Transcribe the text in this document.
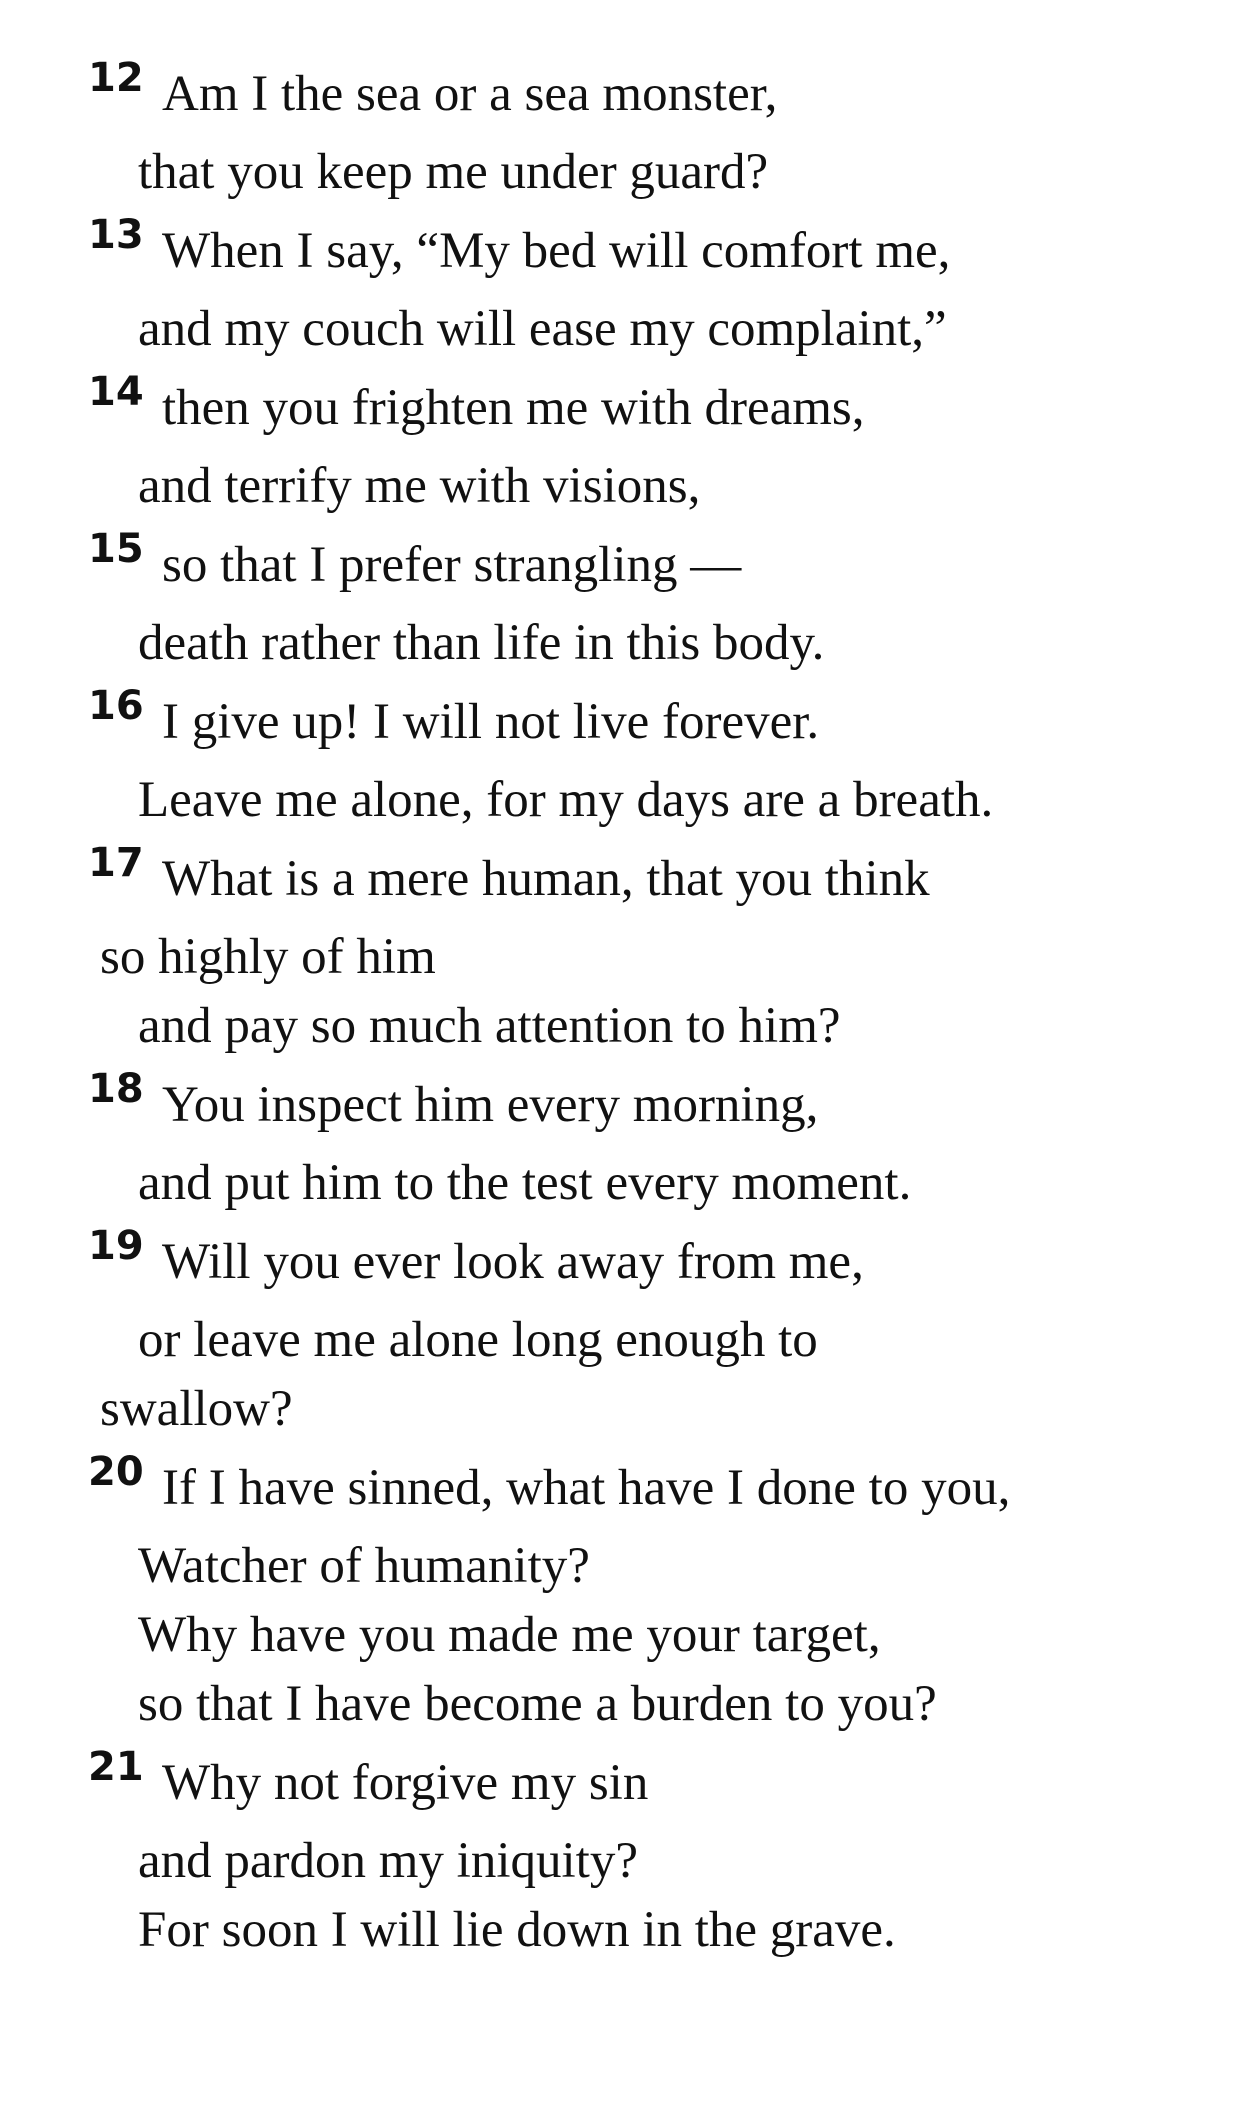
12 Am I the sea or a sea monster,
that you keep me under guard?
13 When I say, “My bed will comfort me,
and my couch will ease my complaint,”
14 then you frighten me with dreams,
and terrify me with visions,
15 so that I prefer strangling —
death rather than life in this body.
16 I give up! I will not live forever.
Leave me alone, for my days are a breath.
17 What is a mere human, that you think
so highly of him
and pay so much attention to him?
18 You inspect him every morning,
and put him to the test every moment.
19 Will you ever look away from me,
or leave me alone long enough to
swallow?
20 If I have sinned, what have I done to you,
Watcher of humanity?
Why have you made me your target,
so that I have become a burden to you?
21 Why not forgive my sin
and pardon my iniquity?
For soon I will lie down in the grave.
